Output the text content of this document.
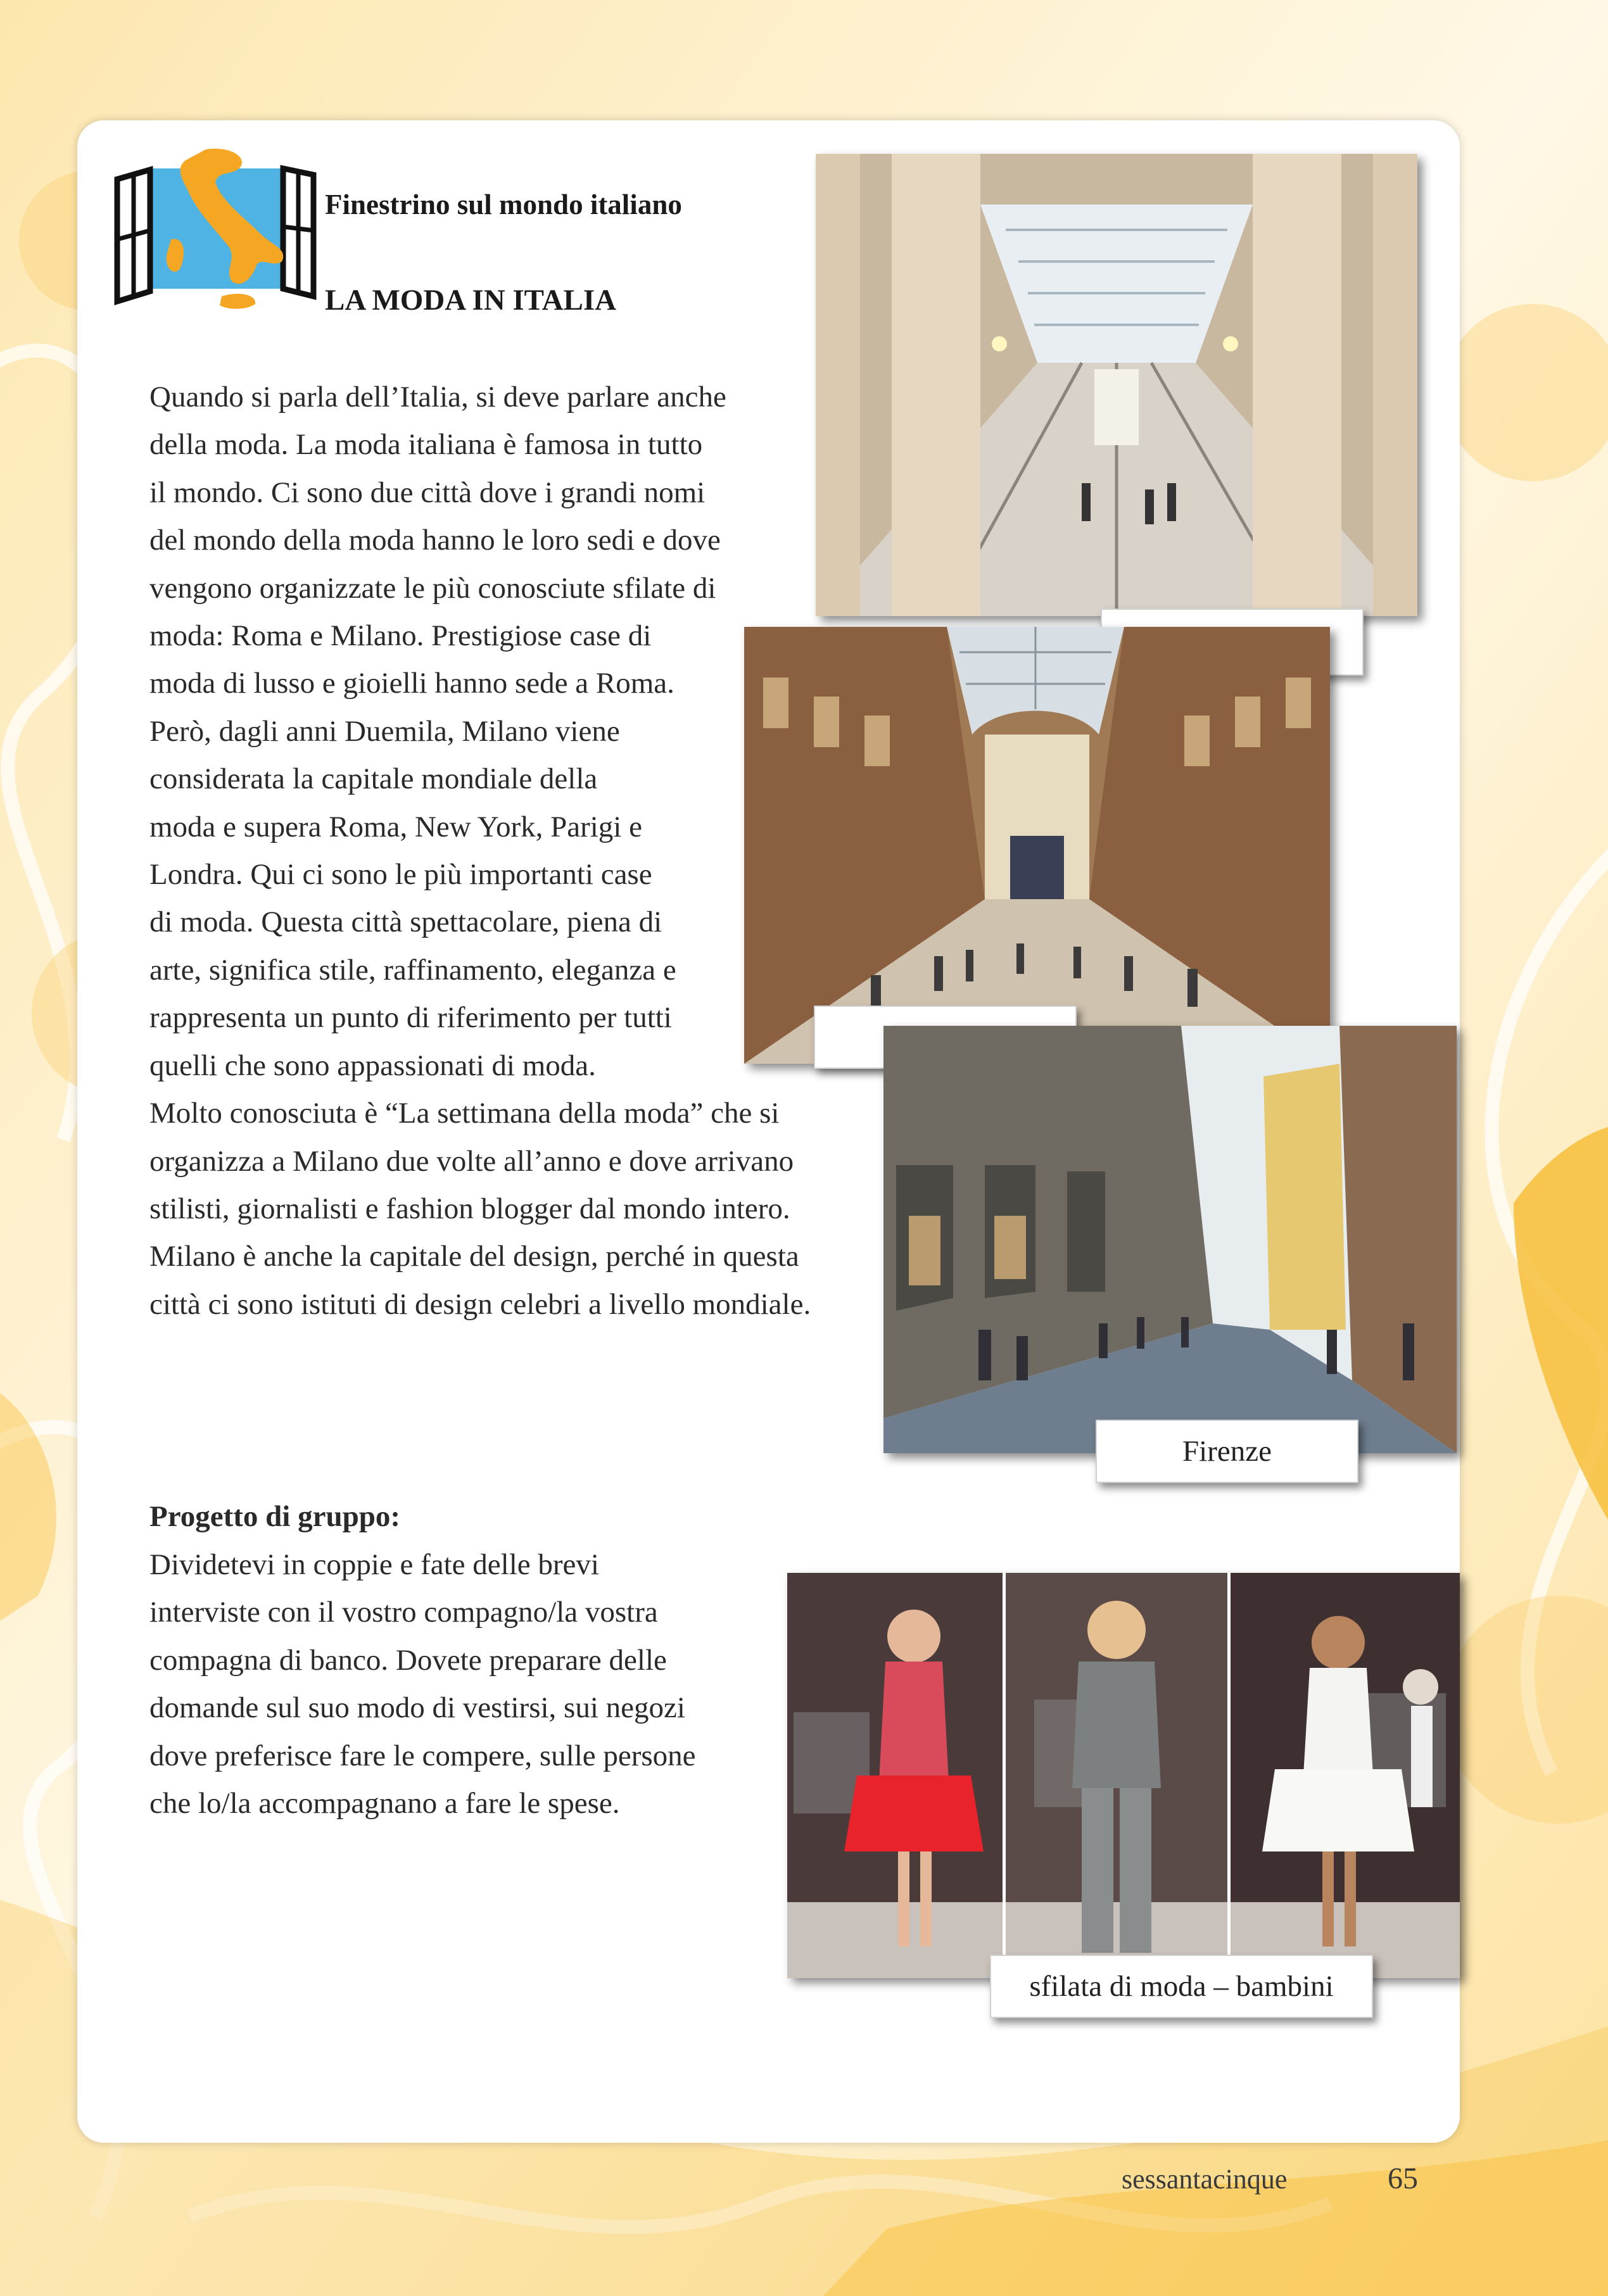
Finestrino sul mondo italiano
LA MODA IN ITALIA
Quando si parla dell’Italia, si deve parlare anche
della moda. La moda italiana è famosa in tutto
il mondo. Ci sono due città dove i grandi nomi
del mondo della moda hanno le loro sedi e dove
vengono organizzate le più conosciute sfilate di
moda: Roma e Milano. Prestigiose case di
moda di lusso e gioielli hanno sede a Roma.
Però, dagli anni Duemila, Milano viene
considerata la capitale mondiale della
moda e supera Roma, New York, Parigi e
Londra. Qui ci sono le più importanti case
di moda. Questa città spettacolare, piena di
arte, significa stile, raffinamento, eleganza e
rappresenta un punto di riferimento per tutti
quelli che sono appassionati di moda.
Molto conosciuta è “La settimana della moda” che si
organizza a Milano due volte all’anno e dove arrivano
stilisti, giornalisti e fashion blogger dal mondo intero.
Milano è anche la capitale del design, perché in questa
città ci sono istituti di design celebri a livello mondiale.
Progetto di gruppo:
Dividetevi in coppie e fate delle brevi
interviste con il vostro compagno/la vostra
compagna di banco. Dovete preparare delle
domande sul suo modo di vestirsi, sui negozi
dove preferisce fare le compere, sulle persone
che lo/la accompagnano a fare le spese.
Firenze
sfilata di moda – bambini
sessantacinque	65
